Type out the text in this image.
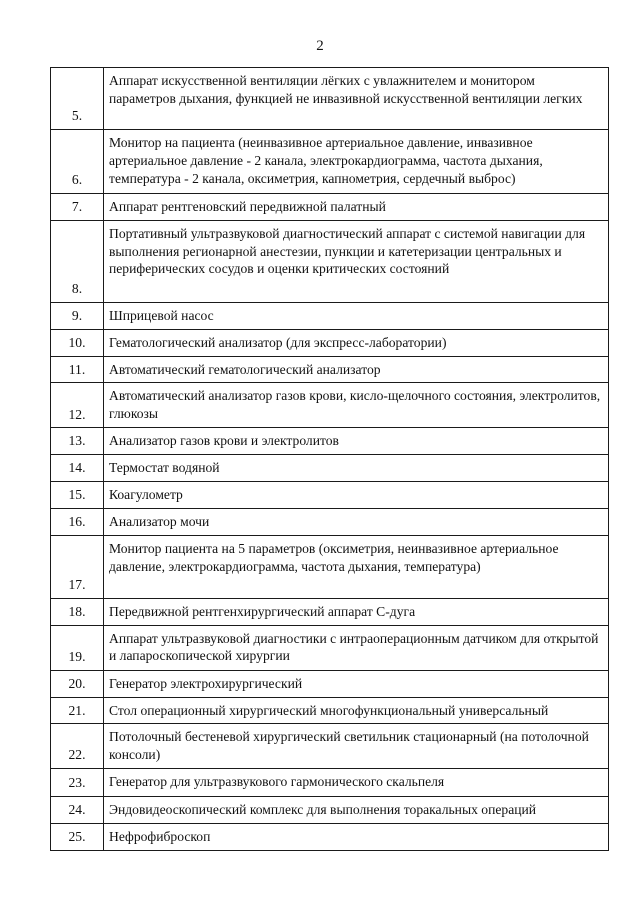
2
5.	Аппарат искусственной вентиляции лёгких с увлажнителем и монитором параметров дыхания, функцией не инвазивной искусственной вентиляции легких
6.	Монитор на пациента (неинвазивное артериальное давление, инвазивное артериальное давление - 2 канала, электрокардиограмма, частота дыхания, температура - 2 канала, оксиметрия, капнометрия, сердечный выброс)
7.	Аппарат рентгеновский передвижной палатный
8.	Портативный ультразвуковой диагностический аппарат с системой навигации для выполнения регионарной анестезии, пункции и катетеризации центральных и периферических сосудов и оценки критических состояний
9.	Шприцевой насос
10.	Гематологический анализатор (для экспресс-лаборатории)
11.	Автоматический гематологический анализатор
12.	Автоматический анализатор газов крови, кисло-щелочного состояния, электролитов, глюкозы
13.	Анализатор газов крови и электролитов
14.	Термостат водяной
15.	Коагулометр
16.	Анализатор мочи
17.	Монитор пациента на 5 параметров (оксиметрия, неинвазивное артериальное давление, электрокардиограмма, частота дыхания, температура)
18.	Передвижной рентгенхирургический аппарат С-дуга
19.	Аппарат ультразвуковой диагностики с интраоперационным датчиком для открытой и лапароскопической хирургии
20.	Генератор электрохирургический
21.	Стол операционный хирургический многофункциональный универсальный
22.	Потолочный бестеневой хирургический светильник стационарный (на потолочной консоли)
23.	Генератор для ультразвукового гармонического скальпеля
24.	Эндовидеоскопический комплекс для выполнения торакальных операций
25.	Нефрофиброскоп
